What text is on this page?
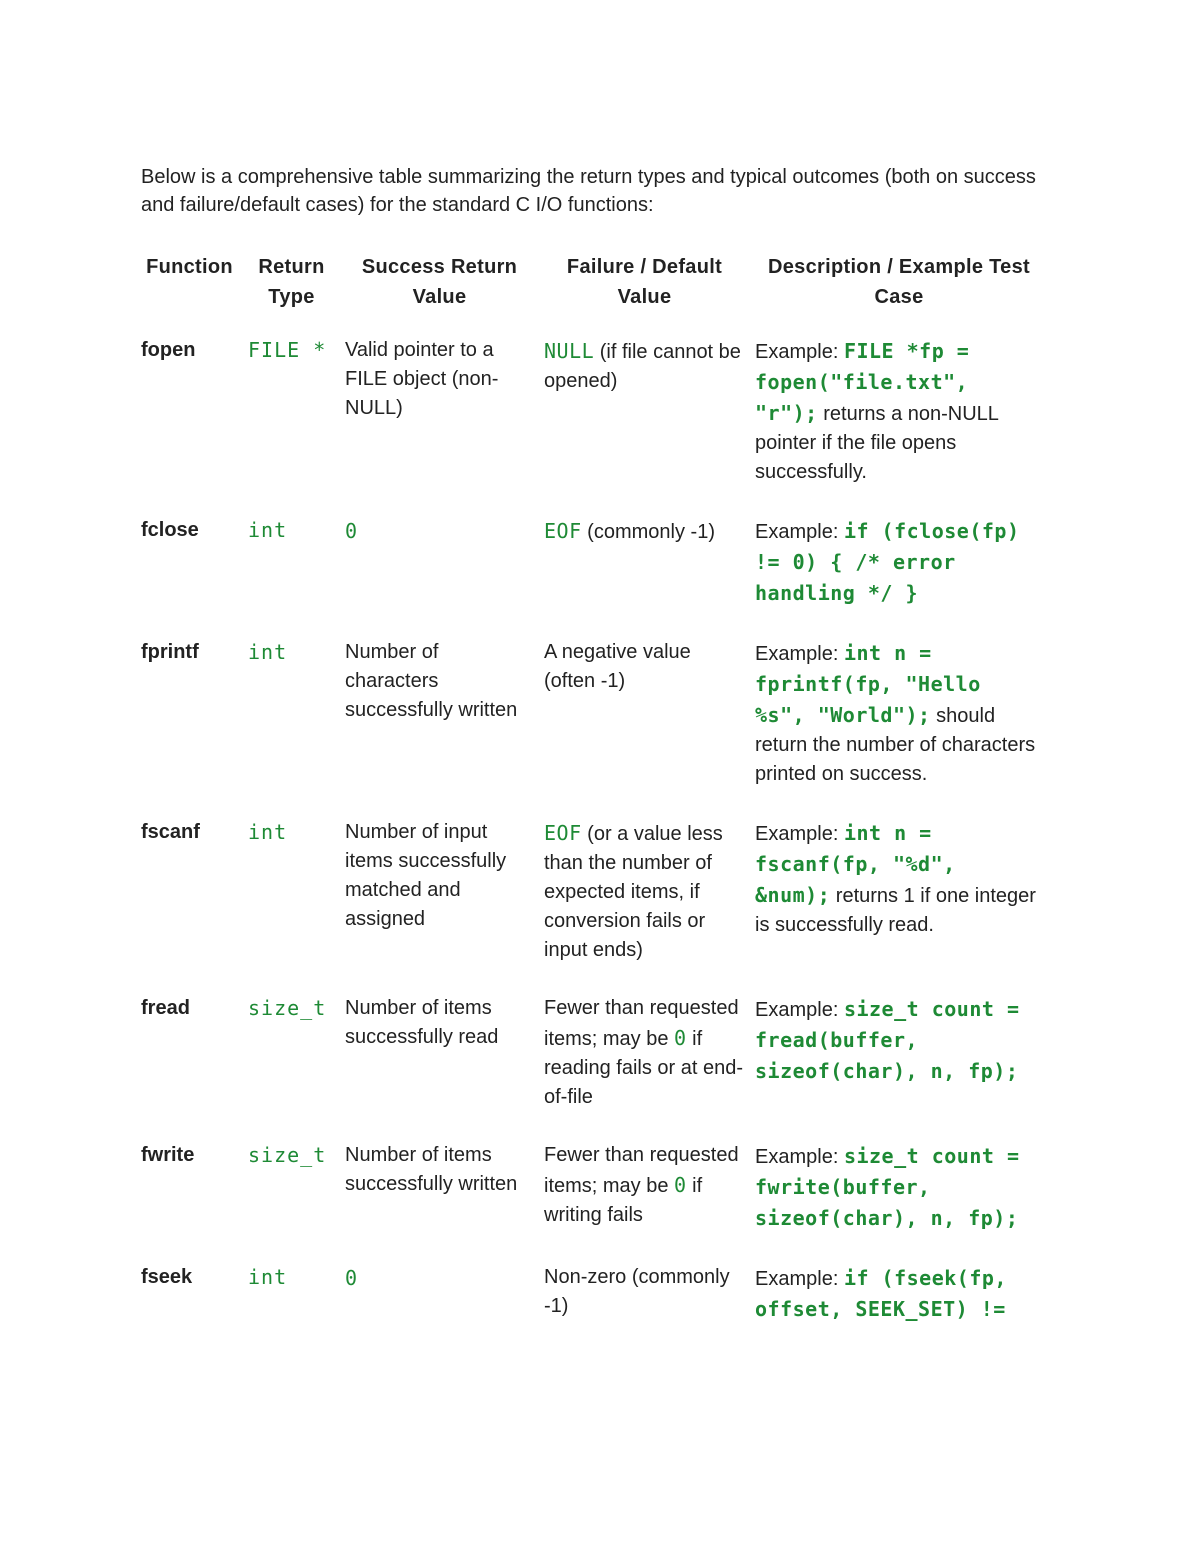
Below is a comprehensive table summarizing the return types and typical outcomes (both on success and failure/default cases) for the standard C I/O functions:

Function	Return Type	Success Return Value	Failure / Default Value	Description / Example Test Case
fopen	FILE *	Valid pointer to a FILE object (non-NULL)	NULL (if file cannot be opened)	Example: FILE *fp = fopen("file.txt", "r"); returns a non-NULL pointer if the file opens successfully.
fclose	int	0	EOF (commonly -1)	Example: if (fclose(fp) != 0) { /* error handling */ }
fprintf	int	Number of characters successfully written	A negative value (often -1)	Example: int n = fprintf(fp, "Hello %s", "World"); should return the number of characters printed on success.
fscanf	int	Number of input items successfully matched and assigned	EOF (or a value less than the number of expected items, if conversion fails or input ends)	Example: int n = fscanf(fp, "%d", &num); returns 1 if one integer is successfully read.
fread	size_t	Number of items successfully read	Fewer than requested items; may be 0 if reading fails or at end-of-file	Example: size_t count = fread(buffer, sizeof(char), n, fp);
fwrite	size_t	Number of items successfully written	Fewer than requested items; may be 0 if writing fails	Example: size_t count = fwrite(buffer, sizeof(char), n, fp);
fseek	int	0	Non-zero (commonly -1)	Example: if (fseek(fp, offset, SEEK_SET) !=
